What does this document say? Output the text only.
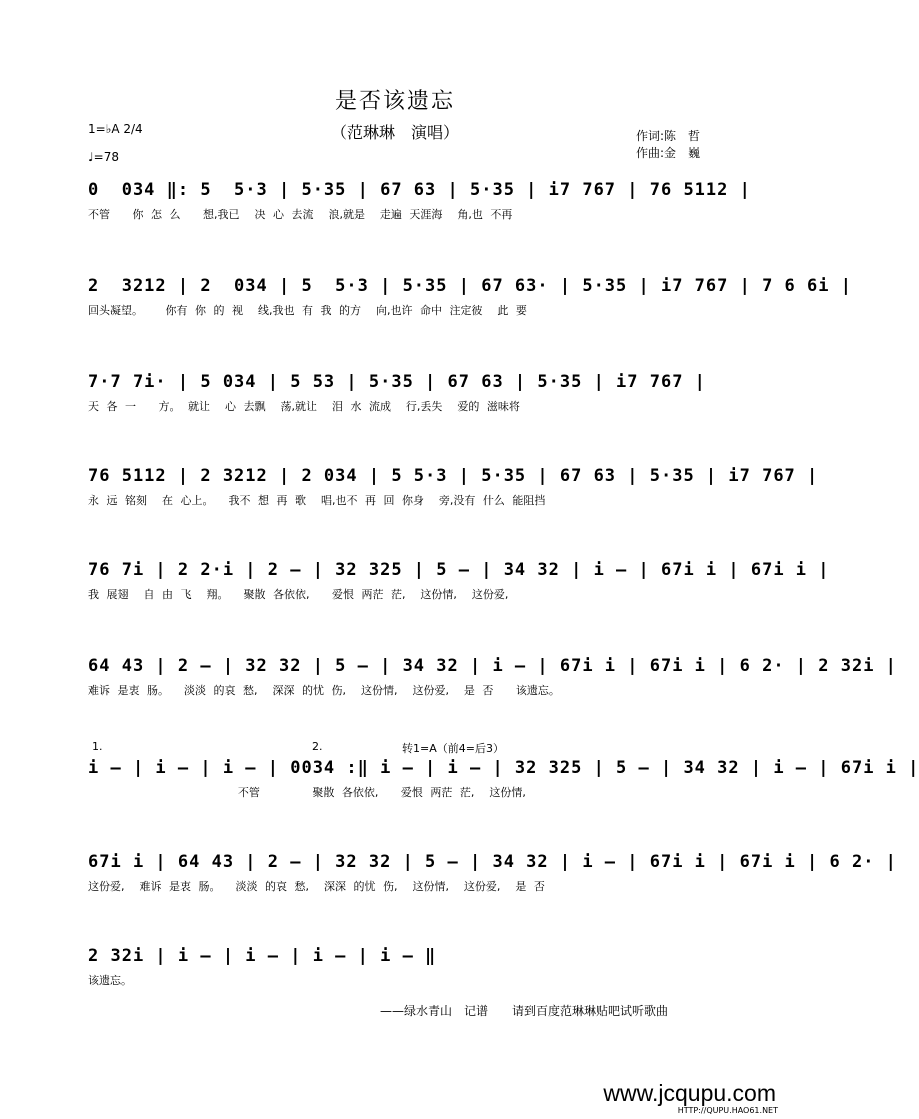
是否该遗忘
（范琳琳　演唱）
1=♭A 2/4
♩=78
作词:陈　哲
作曲:金　巍
0  034 ‖: 5  5·3 | 5·35 | 67 63 | 5·35 | i7 767 | 76 5112 |
不管   你 怎 么   想,我已  决 心 去流  浪,就是  走遍 天涯海  角,也 不再
2  3212 | 2  034 | 5  5·3 | 5·35 | 67 63· | 5·35 | i7 767 | 7 6 6i |
回头凝望。   你有 你 的 视  线,我也 有 我 的方  向,也许 命中 注定彼  此 要
7·7 7i· | 5 034 | 5 53 | 5·35 | 67 63 | 5·35 | i7 767 |
天 各 一   方。 就让  心 去飘  荡,就让  泪 水 流成  行,丢失  爱的 滋味将
76 5112 | 2 3212 | 2 034 | 5 5·3 | 5·35 | 67 63 | 5·35 | i7 767 |
永 远 铭刻  在 心上。  我不 想 再 歌  唱,也不 再 回 你身  旁,没有 什么 能阻挡
76 7i | 2 2·i | 2 – | 32 325 | 5 – | 34 32 | i – | 67i i | 67i i |
我 展翅  自 由 飞  翔。  聚散 各依依,   爱恨 两茫 茫,  这份情,  这份爱,
64 43 | 2 – | 32 32 | 5 – | 34 32 | i – | 67i i | 67i i | 6 2· | 2 32i |
难诉 是衷 肠。  淡淡 的哀 愁,  深深 的忧 伤,  这份情,  这份爱,  是 否   该遗忘。
1.	2.	转1=A（前4=后3）
i – | i – | i – | 0034 :‖ i – | i – | 32 325 | 5 – | 34 32 | i – | 67i i |
不管       聚散 各依依,   爱恨 两茫 茫,  这份情,
67i i | 64 43 | 2 – | 32 32 | 5 – | 34 32 | i – | 67i i | 67i i | 6 2· |
这份爱,  难诉 是衷 肠。  淡淡 的哀 愁,  深深 的忧 伤,  这份情,  这份爱,  是 否
2 32i | i – | i – | i – | i – ‖
该遗忘。
——绿水青山　记谱　　请到百度范琳琳贴吧试听歌曲
www.jcqupu.com
HTTP://QUPU.HAO61.NET
